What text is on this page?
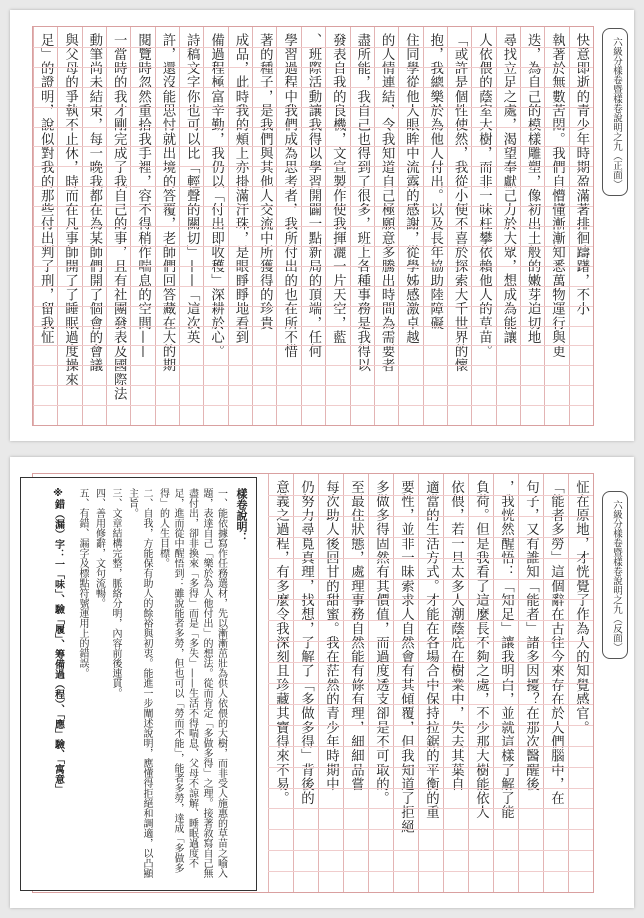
快意即逝的青少年時期盈滿著排徊躊躇，不小
執著於無數苦悶。我們自懵懂漸漸知悉萬物運行與更
迭，為自己的模樣雕塑，像初出土般的嫩芽迫切地
尋找立足之處，渴望奉獻己力於大眾，想成為能讓
人依偎的蔭室大樹，而非一味枉攀依賴他人的草苗。
「或許是個性使然，我從小便不喜於探索大千世界的懷
抱，我總樂於為他人付出。以及長年協助陸障礙
住同學從他人眼眸中流露的感謝，從學姊感激卓越
的人情連結，令我知道自己極願意多騰出時間為需要者
盡所能，我自己也得到了很多，班上各種事務是我得以
發表自我的良機，文宣製作使我揮灑一片天空，藍
、班際活動讓我得以學習開闢一點新局的頂端，任何
學習過程中我們成為思考者，我所付出的也在所不惜
著的種子，是我們與其他人交流中所獲得的珍貴
成品，此時我的頰上亦掛滿汗珠，是眼睜睜地看到
備過程極富辛勤，我仍以「付出即收穫」深耕於心。
詩稿文字你也可以比「輕聲的關切」——「這次英
許，還沒能思忖就出境的答覆，老師們回答藏在大的期
閱覽時忽然重拾我手裡，容不得稍作喘息的空間——
一當時的我才剛完成了我自己的事，且有社團發表及國際法
動筆尚未結束，每一晚我都在為某師們開了個會的會議
與父母的爭執不止休，時而在凡事師開了了睡眠過度操來
足」的證明，說似對我的那些付出判了刑，留我怔	六級分樣卷暨樣卷說明之九（正面）
怔在原地，才恍覺了作為人的知覺感官。
「能者多勞」這個辭在古往今來存在於人們腦中，在
句子，又有誰知「能者」諸多因擾？在那次醫醒後
，我恍然醒悟：「知足」讓我明白，並就這樣了解了能
負荷。但是我看了這麼長不夠之處，不少那大樹能依人
依偎，若一旦太多人潮蔭庇在樹業中，失去其葉自
適當的生活方式。才能在各場合中保持拉鋸的平衡的重
要性，並非一昧索求人自然會有其傾覆，但我知道了拒絕
多做多得固然有其價值，而過度透支卻是不可取的。
至最住狀態，處理事務自然能有條有理，細細品嘗
每次助人後回甘的甜蜜。我在茫然的青少年時期中
仍努力尋覓真理，找想，了解了「多做多得」背後的
意義之過程，有多麼令我深刻且珍藏其寶得來不易。
樣卷說明：
一、能依據寫作任務選材，先以漸漸茁壯為供人依偎的大樹，而非受人施惠的草苗之喻入題，表達自己「樂於為人他付出」的想法。從而肯定「多做多得」之理。接著敘寫自己無盡付出，卻非換來「多得」而是「多失」——生活不得喘息、父母不諒解、睡眠過度不足，進而從中醒悟到：雖說能者多勞，但也可以「勞而不能」，能者多勞，達成「多做多得」的人生目標。
二、自我，方能保有助人的餘裕與初衷。能進一步闡述說明，應懂得拒絕和調適，以凸顯主旨。
三、文章結構完整，脈絡分明，內容前後連貫。
四、善用修辭，文句流暢。
五、有錯、漏字及標點符號運用上的錯誤。
※錯（漏）字：一「味」、驗「履」、筹備過（程）、「應」驗、「寓意」	六級分樣卷暨樣卷說明之九（反面）
